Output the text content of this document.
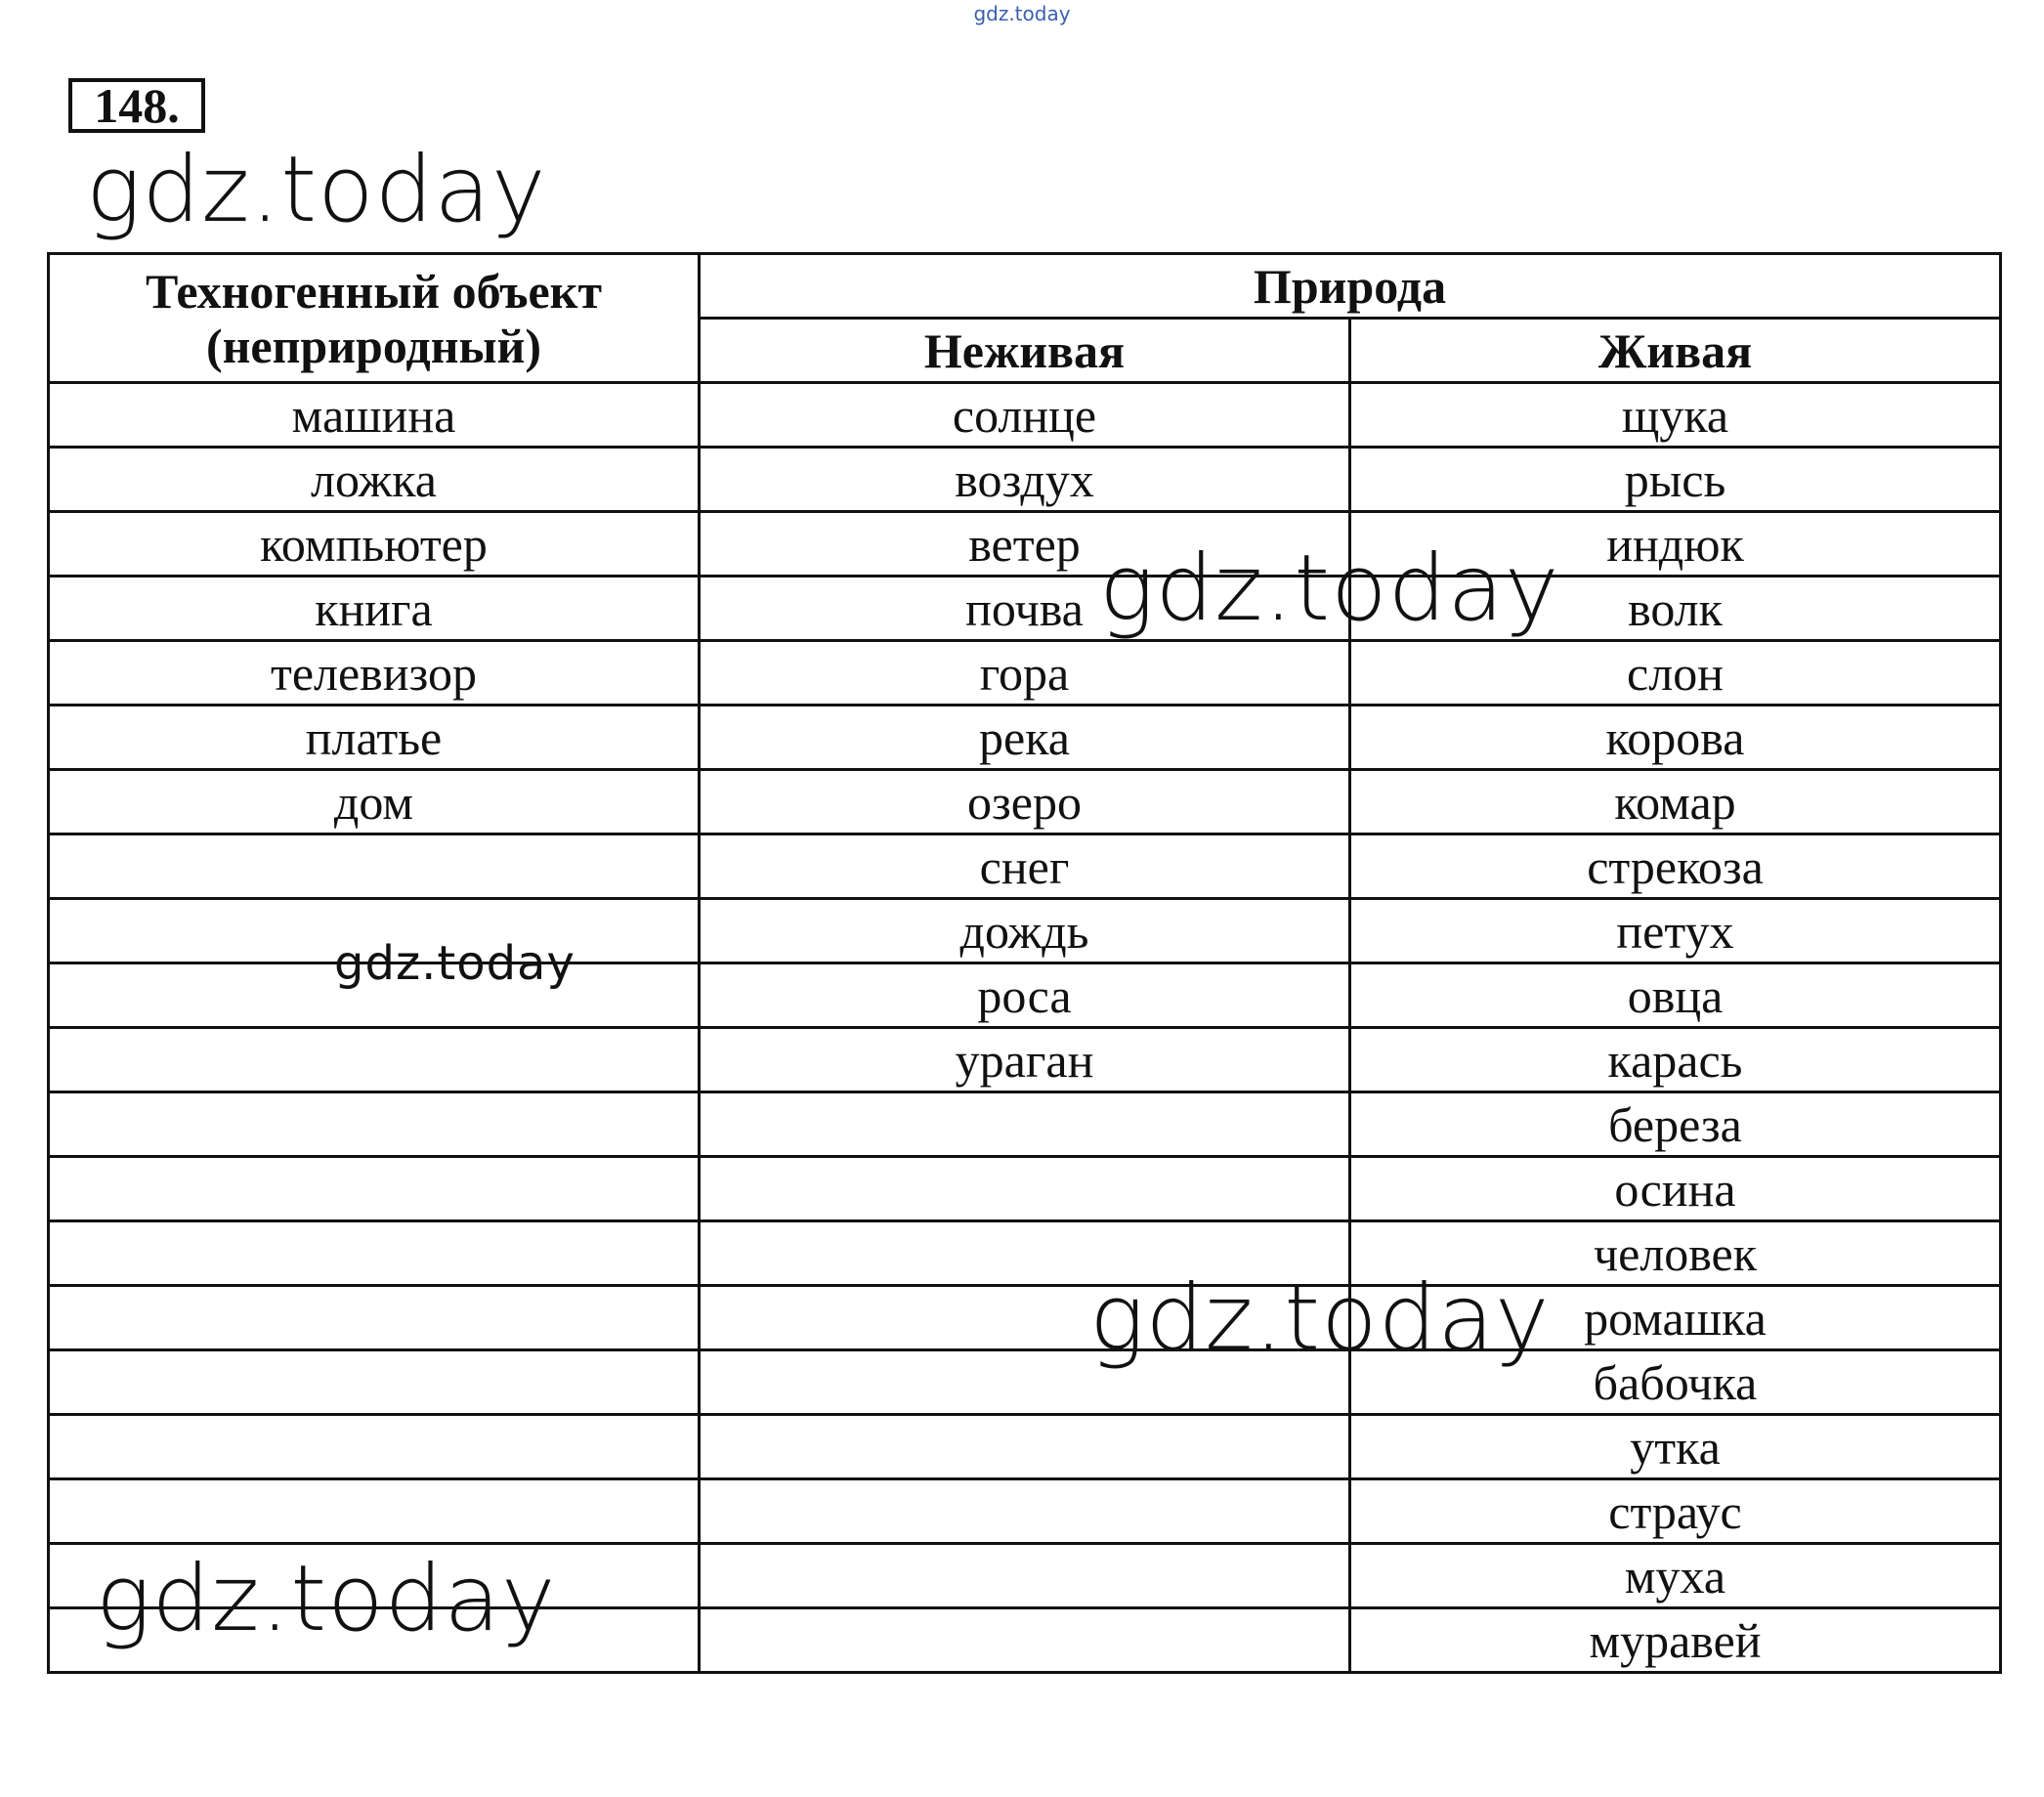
gdz.today
148.
Техногенный объект
(неприродный)	Природа	
	Неживая	Живая
машина	солнце	щука
ложка	воздух	рысь
компьютер	ветер	индюк
книга	почва	волк
телевизор	гора	слон
платье	река	корова
дом	озеро	комар
	снег	стрекоза
	дождь	петух
	роса	овца
	ураган	карась
		береза
		осина
		человек
		ромашка
		бабочка
		утка
		страус
		муха
		муравей
gdz.today
gdz.today
gdz.today
gdz.today
gdz.today
